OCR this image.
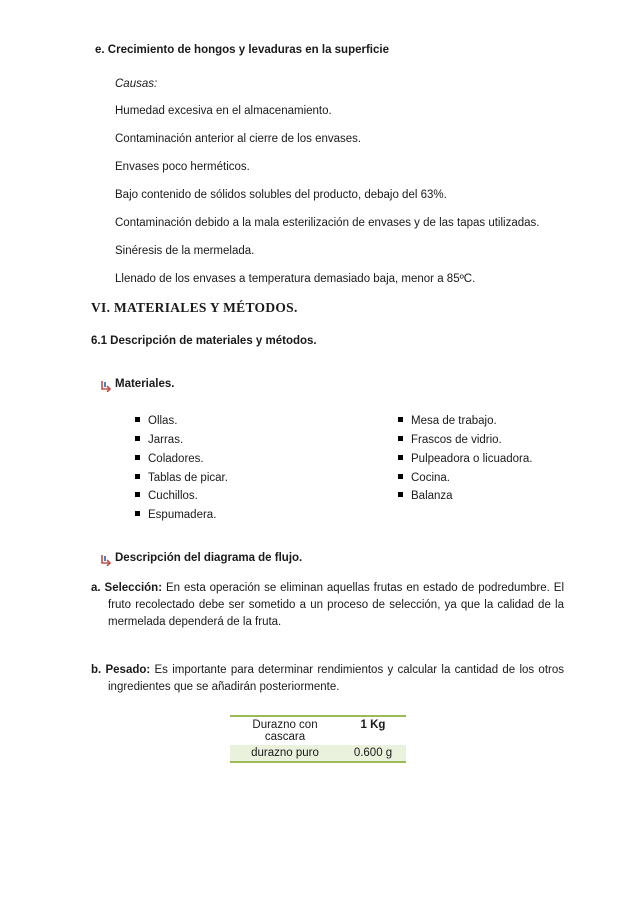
e. Crecimiento de hongos y levaduras en la superficie
Causas:
Humedad excesiva en el almacenamiento.
Contaminación anterior al cierre de los envases.
Envases poco herméticos.
Bajo contenido de sólidos solubles del producto, debajo del 63%.
Contaminación debido a la mala esterilización de envases y de las tapas utilizadas.
Sinéresis de la mermelada.
Llenado de los envases a temperatura demasiado baja, menor a 85ºC.
VI. MATERIALES Y MÉTODOS.
6.1 Descripción de materiales y métodos.
Materiales.
Ollas.
Jarras.
Coladores.
Tablas de picar.
Cuchillos.
Espumadera.
Mesa de trabajo.
Frascos de vidrio.
Pulpeadora o licuadora.
Cocina.
Balanza
Descripción del diagrama de flujo.
a. Selección: En esta operación se eliminan aquellas frutas en estado de podredumbre. El fruto recolectado debe ser sometido a un proceso de selección, ya que la calidad de la mermelada dependerá de la fruta.
b. Pesado: Es importante para determinar rendimientos y calcular la cantidad de los otros ingredientes que se añadirán posteriormente.
Durazno con cascara	1 Kg
durazno puro	0.600 g
